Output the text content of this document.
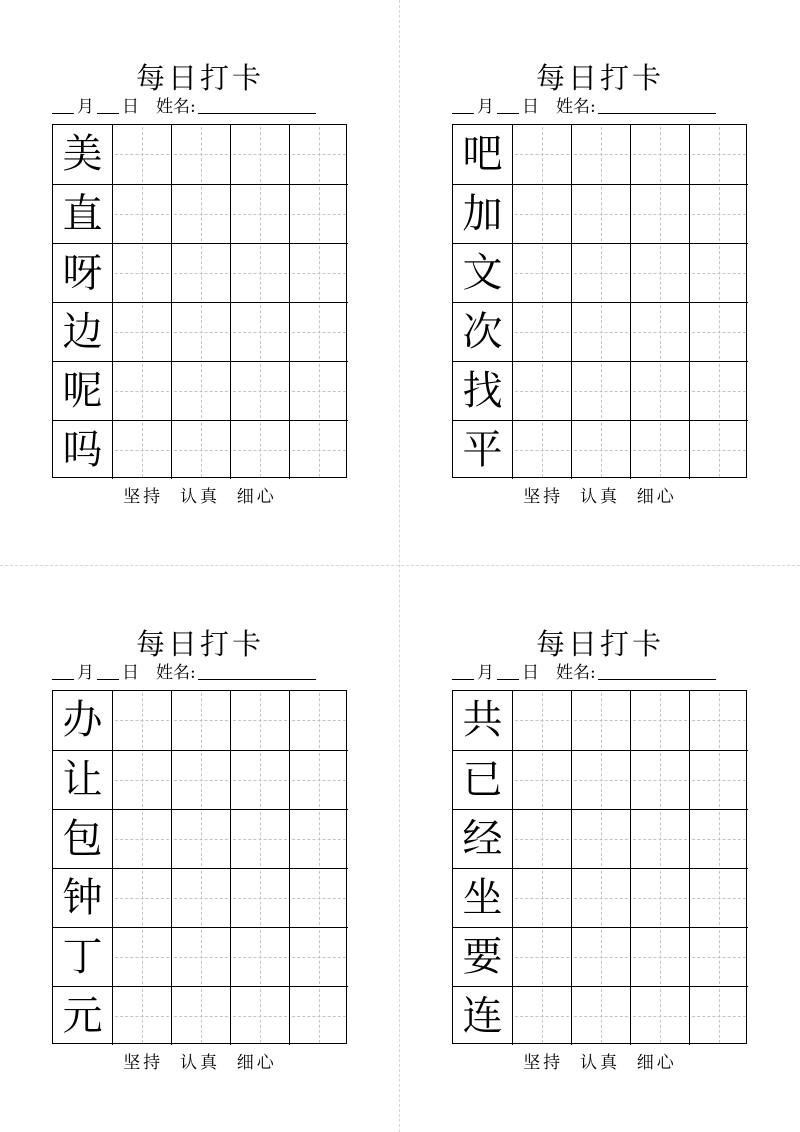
每日打卡
月 日 姓名:
美
直
呀
边
呢
吗
坚持  认真  细心
每日打卡
月 日 姓名:
吧
加
文
次
找
平
坚持  认真  细心
每日打卡
月 日 姓名:
办
让
包
钟
丁
元
坚持  认真  细心
每日打卡
月 日 姓名:
共
已
经
坐
要
连
坚持  认真  细心
